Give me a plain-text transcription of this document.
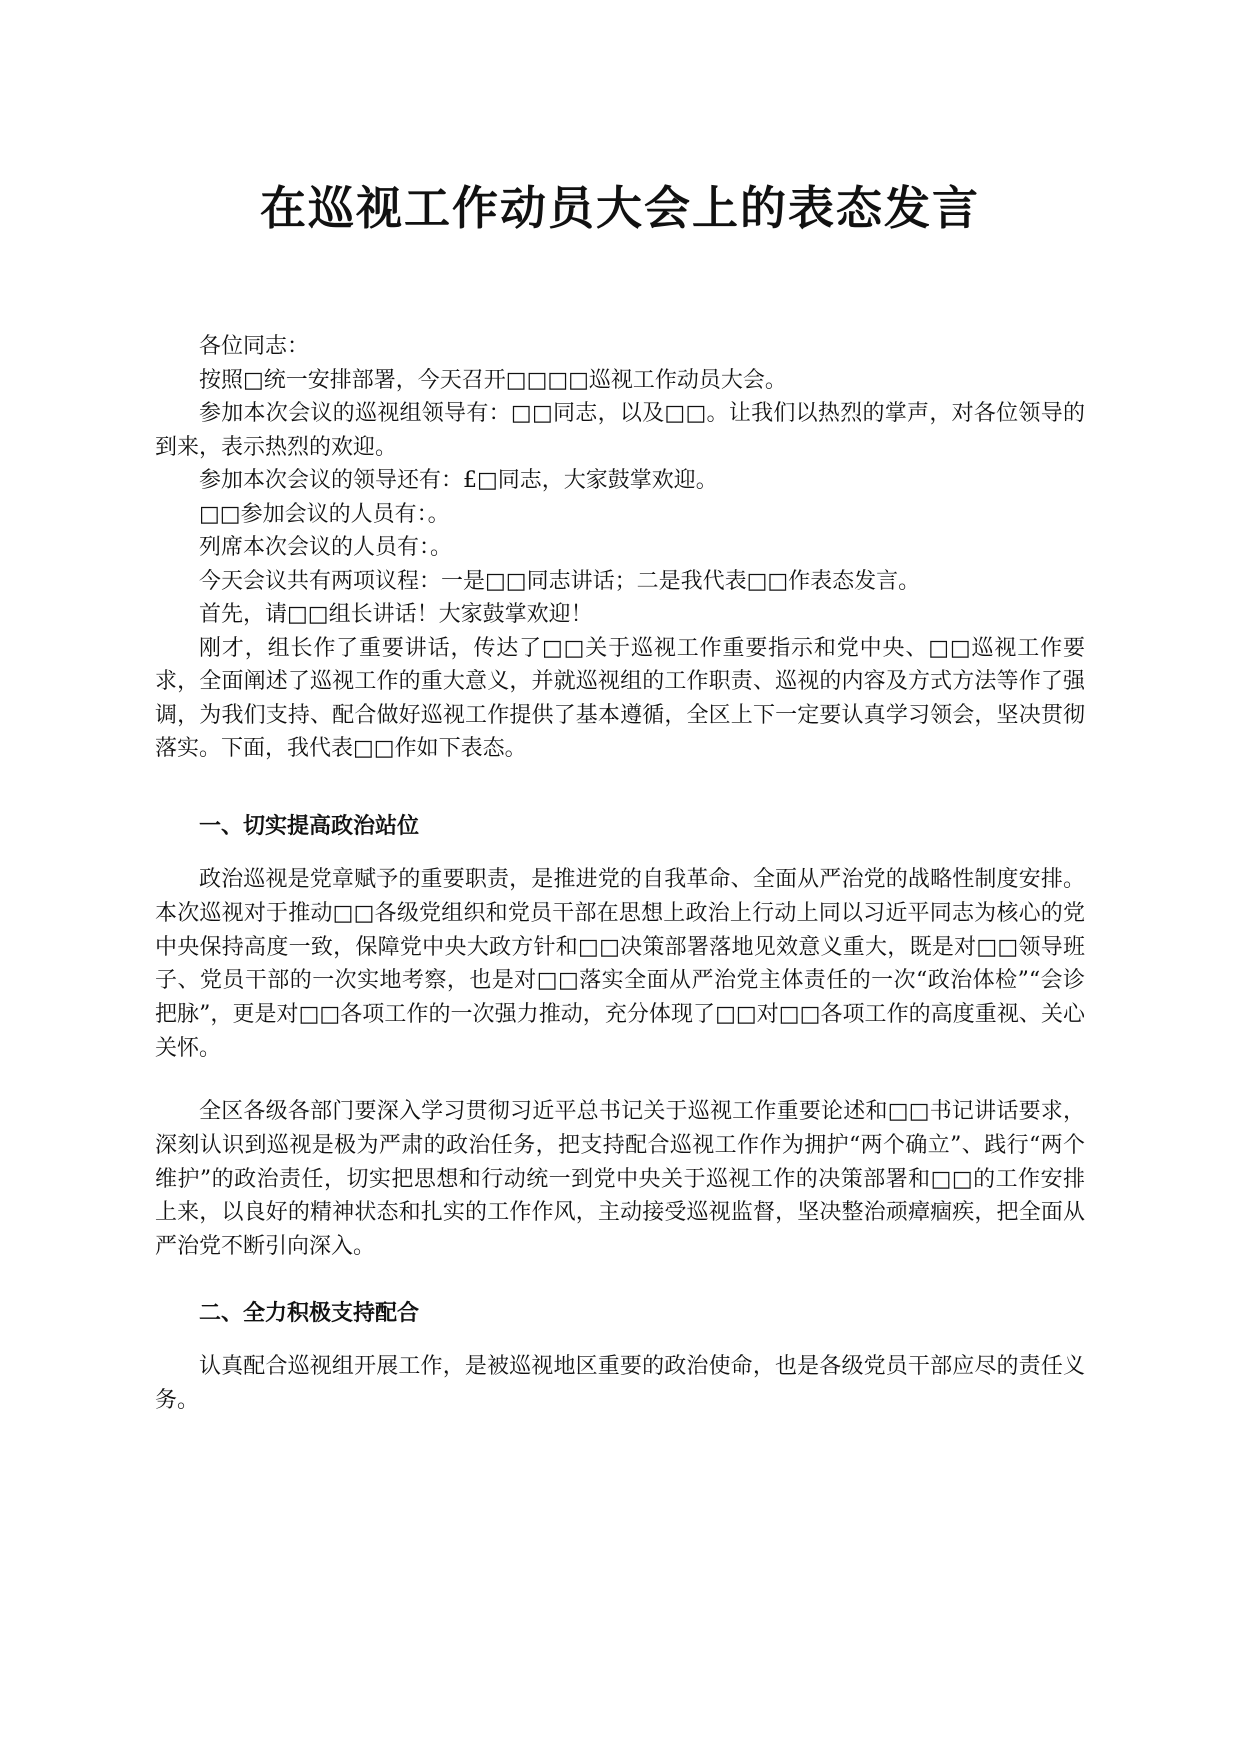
在巡视工作动员大会上的表态发言

各位同志：

按照□统一安排部署，今天召开□□□□巡视工作动员大会。

参加本次会议的巡视组领导有：□□同志，以及□□。让我们以热烈的掌声，对各位领导的到来，表示热烈的欢迎。

参加本次会议的领导还有：£□同志，大家鼓掌欢迎。

□□参加会议的人员有：。

列席本次会议的人员有：。

今天会议共有两项议程：一是□□同志讲话；二是我代表□□作表态发言。

首先，请□□组长讲话！大家鼓掌欢迎！

刚才，组长作了重要讲话，传达了□□关于巡视工作重要指示和党中央、□□巡视工作要求，全面阐述了巡视工作的重大意义，并就巡视组的工作职责、巡视的内容及方式方法等作了强调，为我们支持、配合做好巡视工作提供了基本遵循，全区上下一定要认真学习领会，坚决贯彻落实。下面，我代表□□作如下表态。

一、切实提高政治站位

政治巡视是党章赋予的重要职责，是推进党的自我革命、全面从严治党的战略性制度安排。本次巡视对于推动□□各级党组织和党员干部在思想上政治上行动上同以习近平同志为核心的党中央保持高度一致，保障党中央大政方针和□□决策部署落地见效意义重大，既是对□□领导班子、党员干部的一次实地考察，也是对□□落实全面从严治党主体责任的一次“政治体检”“会诊把脉”，更是对□□各项工作的一次强力推动，充分体现了□□对□□各项工作的高度重视、关心关怀。

全区各级各部门要深入学习贯彻习近平总书记关于巡视工作重要论述和□□书记讲话要求，深刻认识到巡视是极为严肃的政治任务，把支持配合巡视工作作为拥护“两个确立”、践行“两个维护”的政治责任，切实把思想和行动统一到党中央关于巡视工作的决策部署和□□的工作安排上来，以良好的精神状态和扎实的工作作风，主动接受巡视监督，坚决整治顽瘴痼疾，把全面从严治党不断引向深入。

二、全力积极支持配合

认真配合巡视组开展工作，是被巡视地区重要的政治使命，也是各级党员干部应尽的责任义务。
